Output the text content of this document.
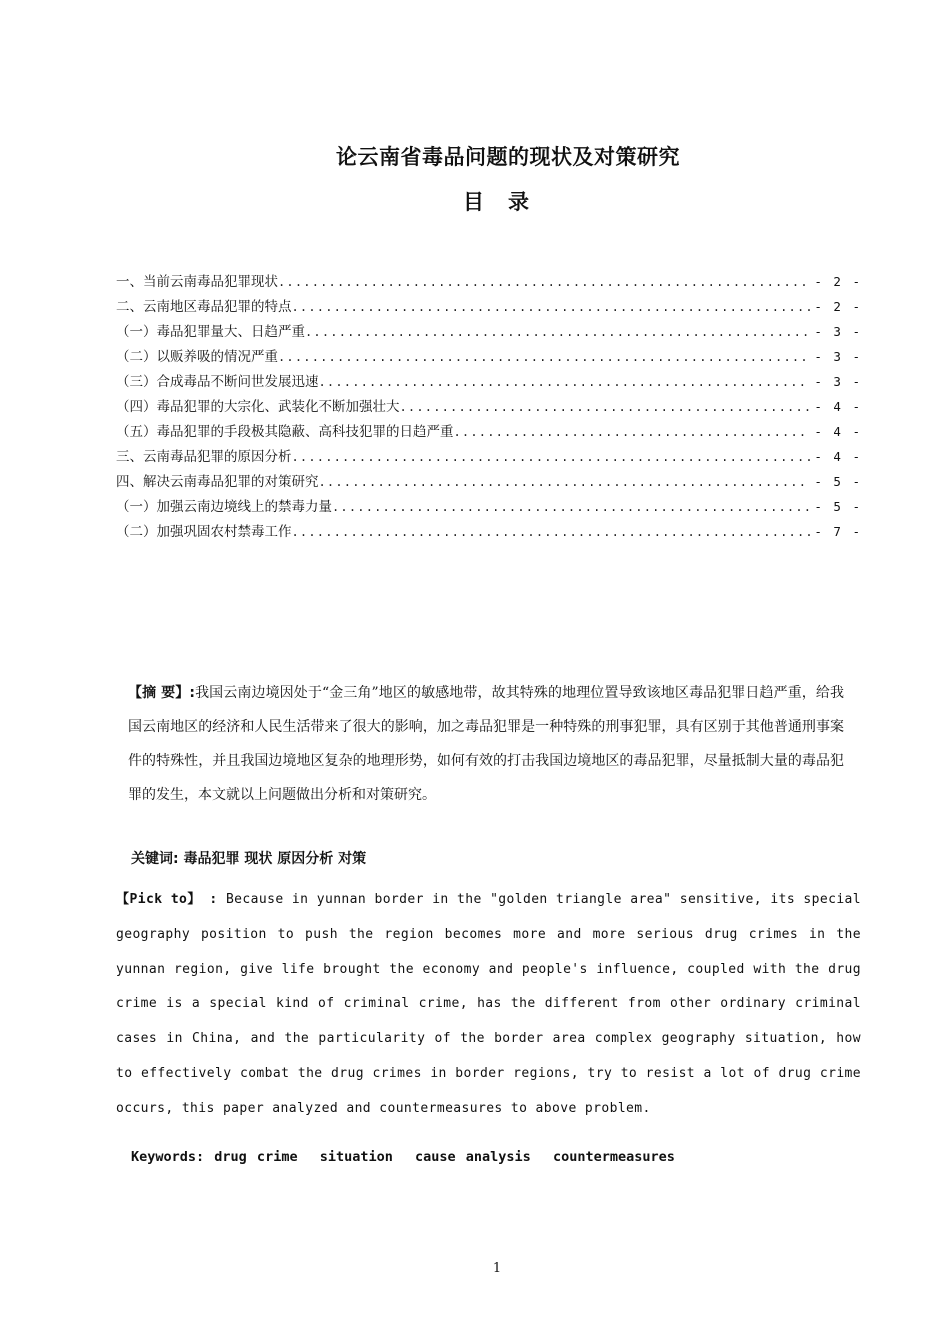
论云南省毒品问题的现状及对策研究
目录
一、当前云南毒品犯罪现状 .....	- 2 -
二、云南地区毒品犯罪的特点 .....	- 2 -
（一）毒品犯罪量大、日趋严重 .....	- 3 -
（二）以贩养吸的情况严重 .....	- 3 -
（三）合成毒品不断问世发展迅速 .....	- 3 -
（四）毒品犯罪的大宗化、武装化不断加强壮大 .....	- 4 -
（五）毒品犯罪的手段极其隐蔽、高科技犯罪的日趋严重 .....	- 4 -
三、云南毒品犯罪的原因分析 .....	- 4 -
四、解决云南毒品犯罪的对策研究 .....	- 5 -
（一）加强云南边境线上的禁毒力量 .....	- 5 -
（二）加强巩固农村禁毒工作 .....	- 7 -
【摘 要】:我国云南边境因处于“金三角”地区的敏感地带，故其特殊的地理位置导致该地区毒品犯罪日趋严重，给我国云南地区的经济和人民生活带来了很大的影响，加之毒品犯罪是一种特殊的刑事犯罪，具有区别于其他普通刑事案件的特殊性，并且我国边境地区复杂的地理形势，如何有效的打击我国边境地区的毒品犯罪，尽量抵制大量的毒品犯罪的发生，本文就以上问题做出分析和对策研究。
关键词: 毒品犯罪 现状 原因分析 对策
【Pick to】 : Because in yunnan border in the "golden triangle area" sensitive, its special geography position to push the region becomes more and more serious drug crimes in the yunnan region, give life brought the economy and people's influence, coupled with the drug crime is a special kind of criminal crime, has the different from other ordinary criminal cases in China, and the particularity of the border area complex geography situation, how to effectively combat the drug crimes in border regions, try to resist a lot of drug crime occurs, this paper analyzed and countermeasures to above problem.
Keywords: drug crime situation cause analysis countermeasures
1
